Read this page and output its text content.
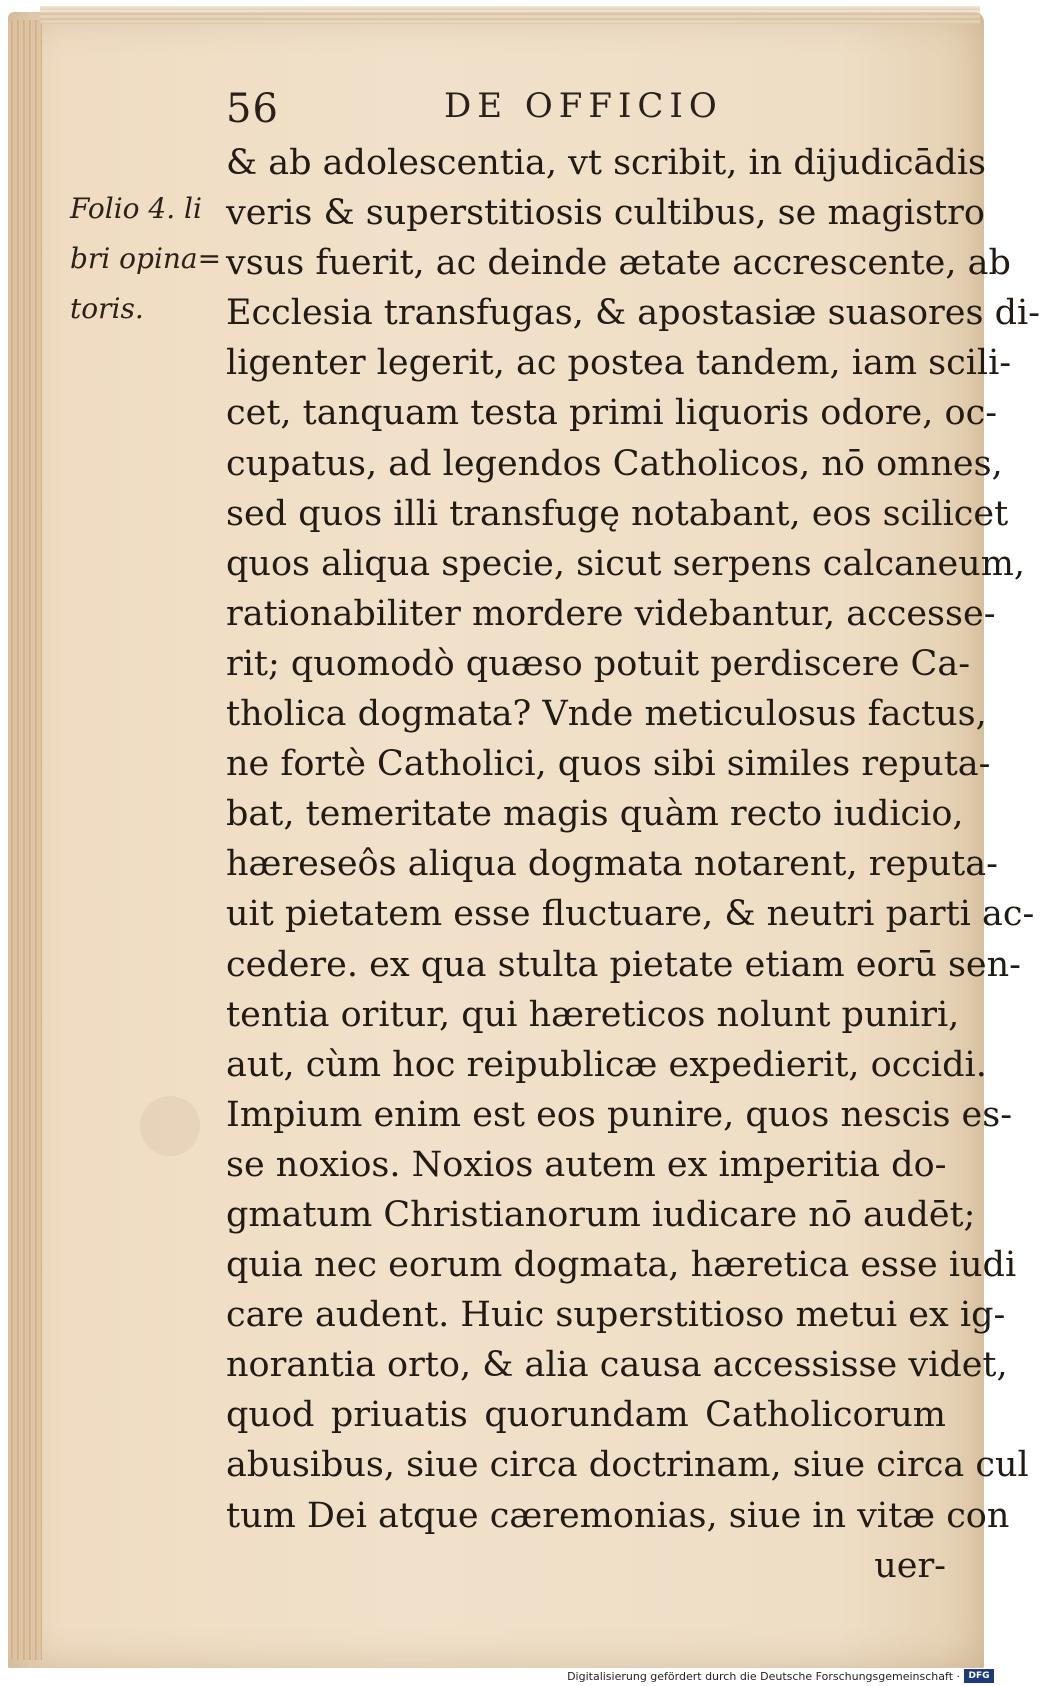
56	DE OFFICIO
Folio 4. li
bri opina=
toris.
& ab adolescentia, vt scribit, in dijudicādis
veris & superstitiosis cultibus, se magistro
vsus fuerit, ac deinde ætate accrescente, ab
Ecclesia transfugas, & apostasiæ suasores di-
ligenter legerit, ac postea tandem, iam scili-
cet, tanquam testa primi liquoris odore, oc-
cupatus, ad legendos Catholicos, nō omnes,
sed quos illi transfugę notabant, eos scilicet
quos aliqua specie, sicut serpens calcaneum,
rationabiliter mordere videbantur, accesse-
rit; quomodò quæso potuit perdiscere Ca-
tholica dogmata? Vnde meticulosus factus,
ne fortè Catholici, quos sibi similes reputa-
bat, temeritate magis quàm recto iudicio,
hæreseôs aliqua dogmata notarent, reputa-
uit pietatem esse fluctuare, & neutri parti ac-
cedere. ex qua stulta pietate etiam eorū sen-
tentia oritur, qui hæreticos nolunt puniri,
aut, cùm hoc reipublicæ expedierit, occidi.
Impium enim est eos punire, quos nescis es-
se noxios. Noxios autem ex imperitia do-
gmatum Christianorum iudicare nō audēt;
quia nec eorum dogmata, hæretica esse iudi
care audent. Huic superstitioso metui ex ig-
norantia orto, & alia causa accessisse videt,
quod priuatis quorundam Catholicorum
abusibus, siue circa doctrinam, siue circa cul
tum Dei atque cæremonias, siue in vitæ con
uer-
Digitalisierung gefördert durch die Deutsche Forschungsgemeinschaft · DFG
